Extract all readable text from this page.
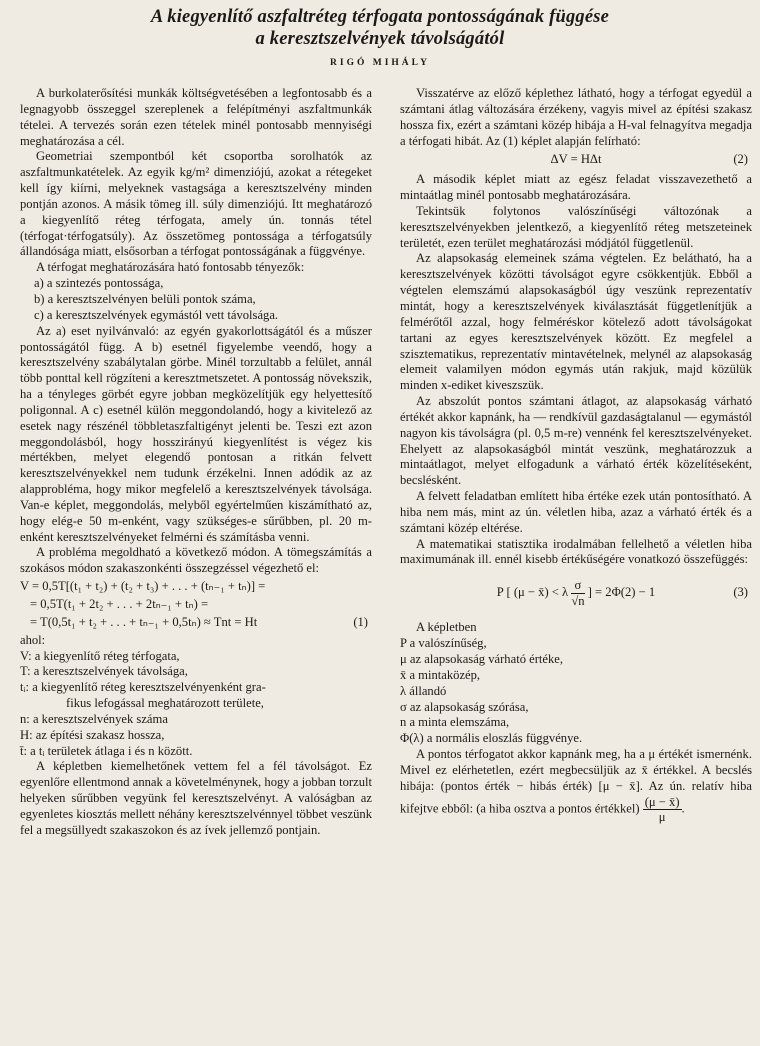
A kiegyenlítő aszfaltréteg térfogata pontosságának függése
a keresztszelvények távolságától
RIGÓ MIHÁLY

A burkolaterősítési munkák költségvetésében a legfontosabb és a legnagyobb összeggel szereplenek a felépítményi aszfaltmunkák tételei. A tervezés során ezen tételek minél pontosabb mennyiségi meghatározása a cél.

Geometriai szempontból két csoportba sorolhatók az aszfaltmunkatételek. Az egyik kg/m² dimenziójú, azokat a rétegeket kell így kiírni, melyeknek vastagsága a keresztszelvény minden pontján azonos. A másik tömeg ill. súly dimenziójú. Itt meghatározó a kiegyenlítő réteg térfogata, amely ún. tonnás tétel (térfogat·térfogatsúly). Az összetömeg pontossága a térfogatsúly állandósága miatt, elsősorban a térfogat pontosságának a függvénye.

A térfogat meghatározására ható fontosabb tényezők:

a) a szintezés pontossága,

b) a keresztszelvényen belüli pontok száma,

c) a keresztszelvények egymástól vett távolsága.

Az a) eset nyilvánvaló: az egyén gyakorlottságától és a műszer pontosságától függ. A b) esetnél figyelembe veendő, hogy a keresztszelvény szabálytalan görbe. Minél torzultabb a felület, annál több ponttal kell rögzíteni a keresztmetszetet. A pontosság növekszik, ha a tényleges görbét egyre jobban megközelítjük egy helyettesítő poligonnal. A c) esetnél külön meggondolandó, hogy a kivitelező az esetek nagy részénél többletaszfaltigényt jelenti be. Teszi ezt azon meggondolásból, hogy hosszirányú kiegyenlítést is végez kis mértékben, melyet elegendő pontosan a ritkán felvett keresztszelvényekkel nem tudunk érzékelni. Innen adódik az az alapprobléma, hogy mikor megfelelő a keresztszelvények távolsága. Van-e képlet, meggondolás, melyből egyértelműen kiszámítható az, hogy elég-e 50 m-enként, vagy szükséges-e sűrűbben, pl. 20 m-enként keresztszelvényeket felmérni és számításba venni.

A probléma megoldható a következő módon. A tömegszámítás a szokásos módon szakaszonkénti összegzéssel végezhető el:

V = 0,5T[(t₁ + t₂) + (t₂ + t₃) + . . . + (tₙ₋₁ + tₙ)] =
= 0,5T(t₁ + 2t₂ + . . . + 2tₙ₋₁ + tₙ) =
= T(0,5t₁ + t₂ + . . . + tₙ₋₁ + 0,5tₙ) ≈ Tnt = Ht	(1)

ahol:

V: a kiegyenlítő réteg térfogata,

T: a keresztszelvények távolsága,

tᵢ: a kiegyenlítő réteg keresztszelvényenként gra-

fikus lefogással meghatározott területe,

n: a keresztszelvények száma

H: az építési szakasz hossza,

t̄: a tᵢ területek átlaga i és n között.

A képletben kiemelhetőnek vettem fel a fél távolságot. Ez egyenlőre ellentmond annak a követelménynek, hogy a jobban torzult helyeken sűrűbben vegyünk fel keresztszelvényt. A valóságban az egyenletes kiosztás mellett néhány keresztszelvénnyel többet veszünk fel a megsüllyedt szakaszokon és az ívek jellemző pontjain.

Visszatérve az előző képlethez látható, hogy a térfogat egyedül a számtani átlag változására érzékeny, vagyis mivel az építési szakasz hossza fix, ezért a számtani közép hibája a H-val felnagyítva megadja a térfogati hibát. Az (1) képlet alapján felírható:

ΔV = HΔt	(2)

A második képlet miatt az egész feladat visszavezethető a mintaátlag minél pontosabb meghatározására.

Tekintsük folytonos valószínűségi változónak a keresztszelvényekben jelentkező, a kiegyenlítő réteg metszeteinek területét, ezen terület meghatározási módjától függetlenül.

Az alapsokaság elemeinek száma végtelen. Ez belátható, ha a keresztszelvények közötti távolságot egyre csökkentjük. Ebből a végtelen elemszámú alapsokaságból úgy veszünk reprezentatív mintát, hogy a keresztszelvények kiválasztását függetlenítjük a felmérőtől azzal, hogy felméréskor kötelező adott távolságokat tartani az egyes keresztszelvények között. Ez megfelel a szisztematikus, reprezentatív mintavételnek, melynél az alapsokaság elemeit valamilyen módon egymás után rakjuk, majd közülük minden x-ediket kiveszszük.

Az abszolút pontos számtani átlagot, az alapsokaság várható értékét akkor kapnánk, ha — rendkívül gazdaságtalanul — egymástól nagyon kis távolságra (pl. 0,5 m-re) vennénk fel keresztszelvényeket. Ehelyett az alapsokaságból mintát veszünk, meghatározzuk a mintaátlagot, melyet elfogadunk a várható érték közelítéseként, becslésként.

A felvett feladatban említett hiba értéke ezek után pontosítható. A hiba nem más, mint az ún. véletlen hiba, azaz a várható érték és a számtani közép eltérése.

A matematikai statisztika irodalmában fellelhető a véletlen hiba maximumának ill. ennél kisebb értékűségére vonatkozó összefüggés:

P [ (μ − x̄) < λ $\frac{\sigma}{√n}$ ] = 2Φ(2) − 1	(3)

A képletben

P a valószínűség,

μ az alapsokaság várható értéke,

x̄ a mintaközép,

λ állandó

σ az alapsokaság szórása,

n a minta elemszáma,

Φ(λ) a normális eloszlás függvénye.

A pontos térfogatot akkor kapnánk meg, ha a μ értékét ismernénk. Mivel ez elérhetetlen, ezért megbecsüljük az x̄ értékkel. A becslés hibája: (pontos érték − hibás érték) [μ − x̄]. Az ún. relatív hiba kifejtve ebből: (a hiba osztva a pontos értékkel) $\frac{(\mu - x̄)}{\mu}$ .
